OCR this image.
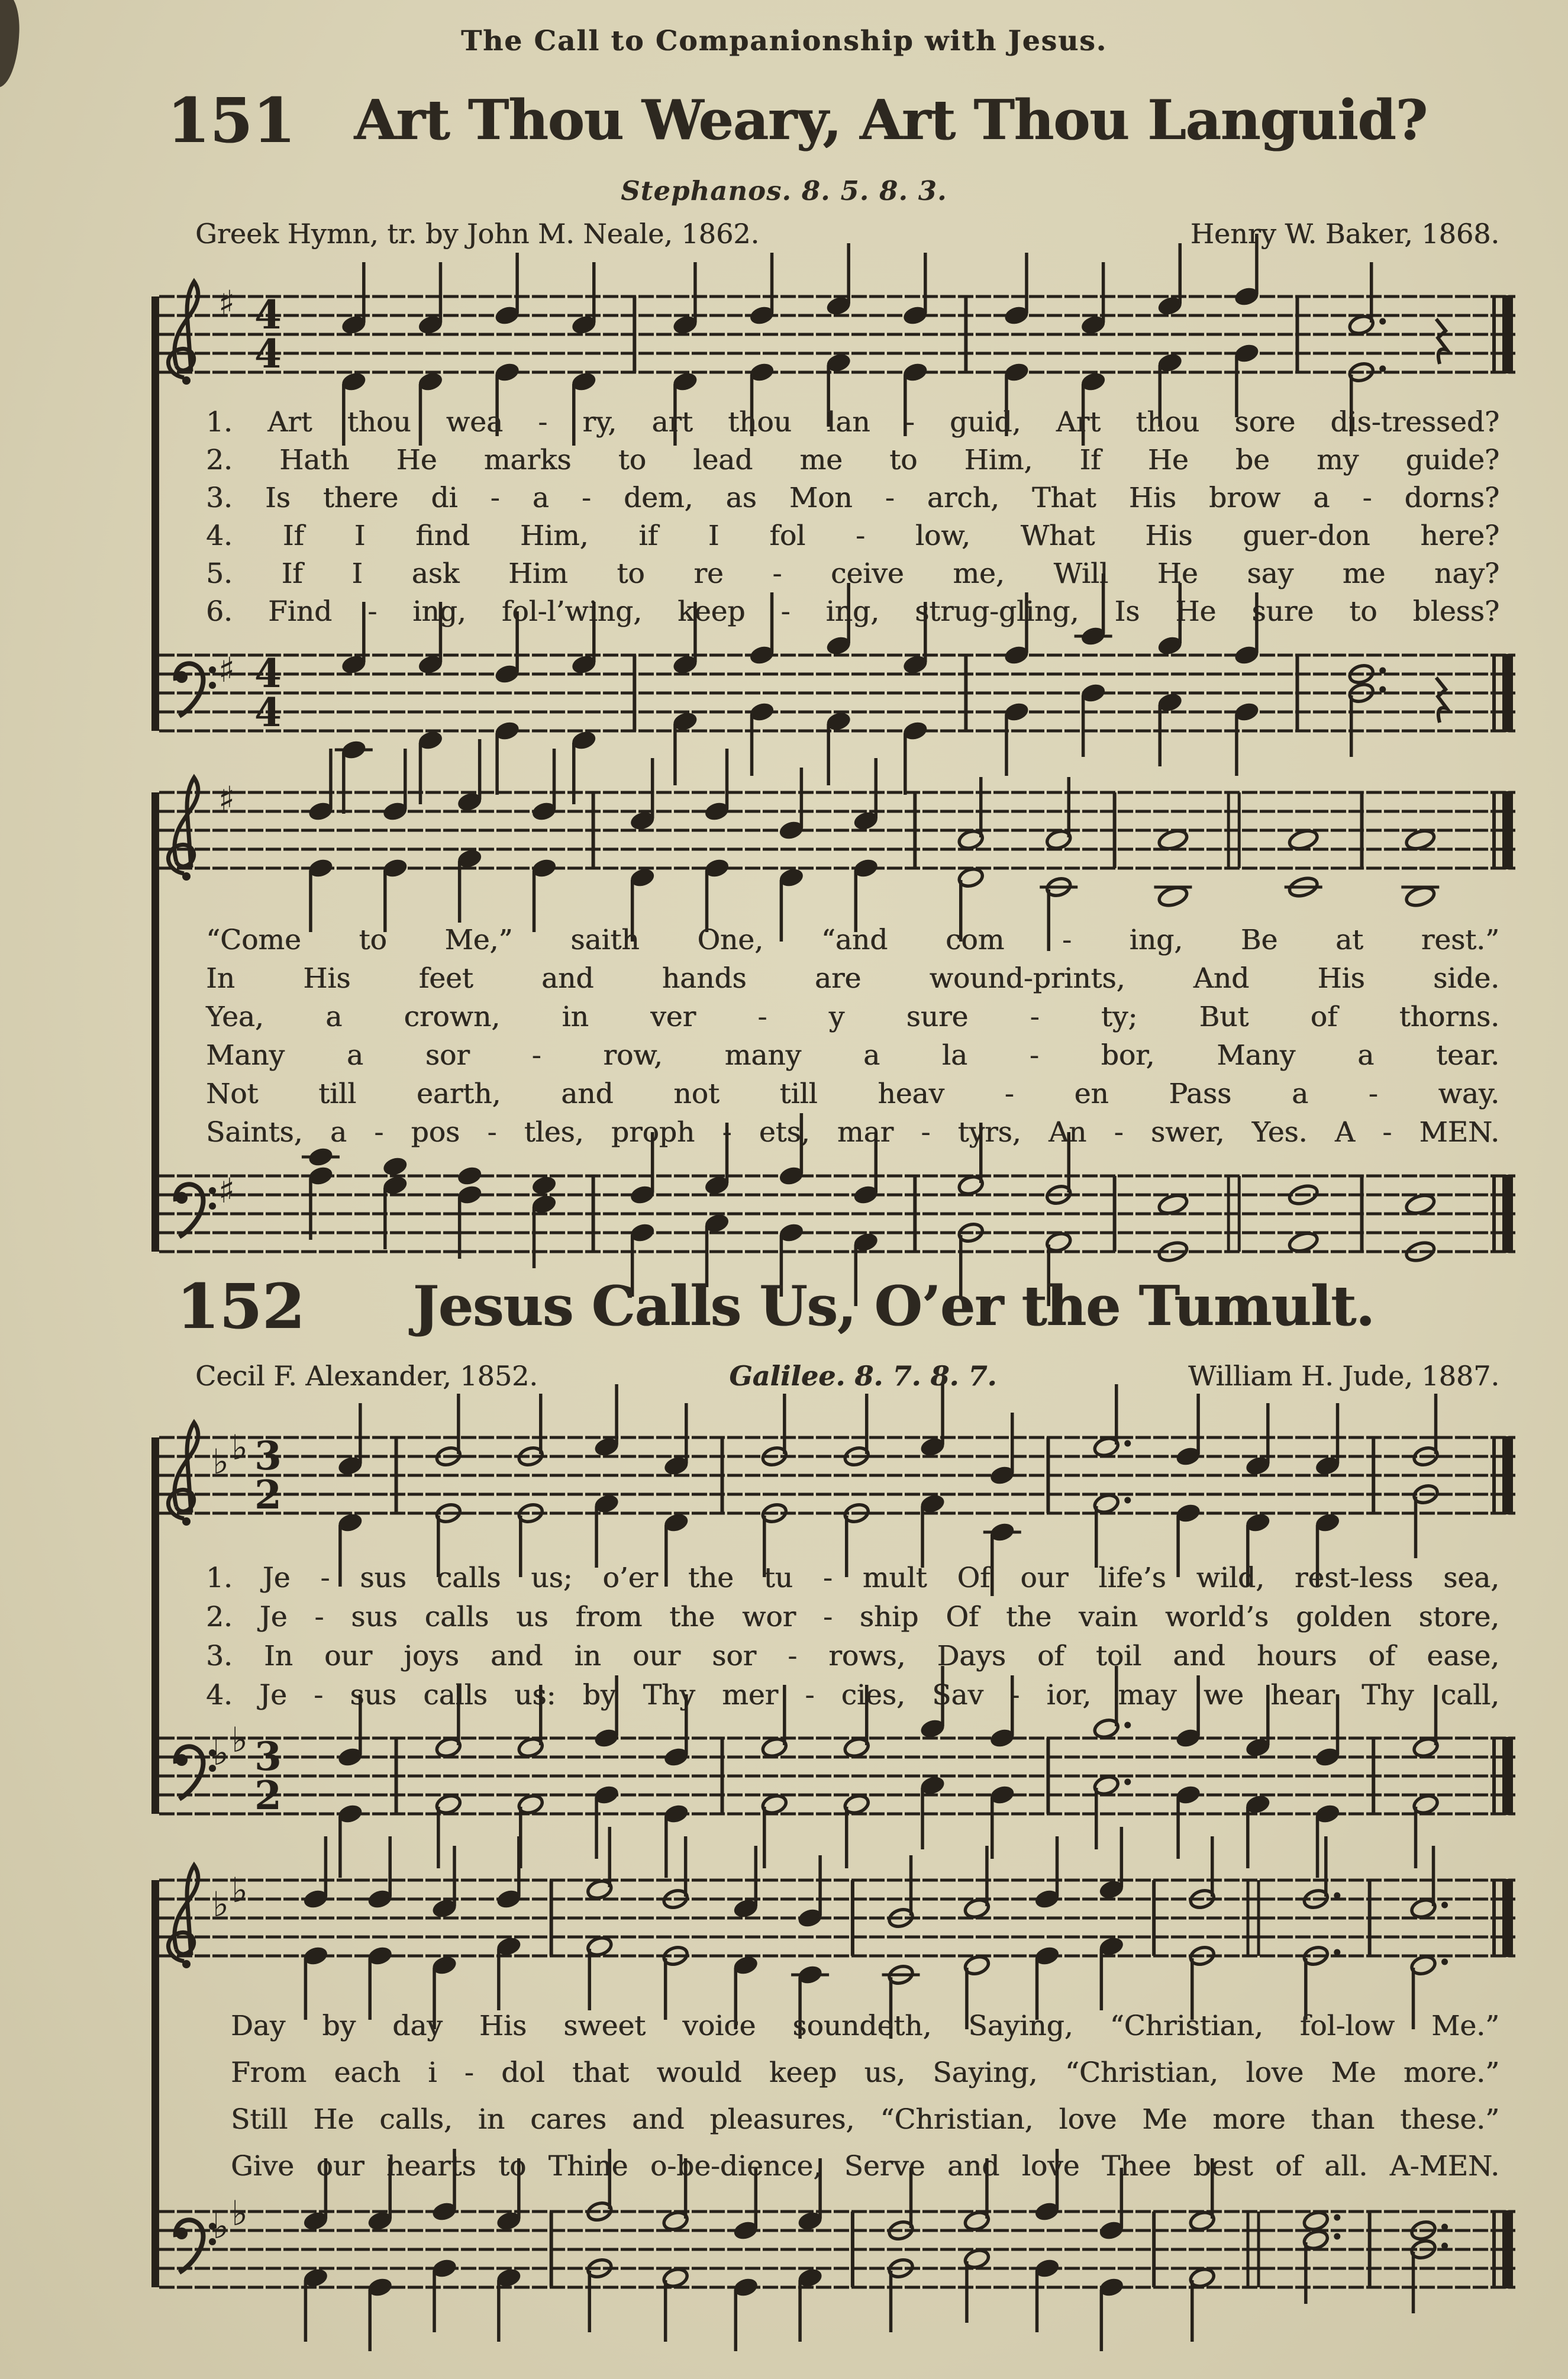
The Call to Companionship with Jesus.
151	Art Thou Weary, Art Thou Languid?
Stephanos. 8. 5. 8. 3.
Greek Hymn, tr. by John M. Neale, 1862.	Henry W. Baker, 1868.
♯ 4
4
1. Art thou wea - ry, art thou lan - guid, Art thou sore dis-tressed?
2. Hath He marks to lead me to Him, If He be my guide?
3. Is there di - a - dem, as Mon - arch, That His brow a - dorns?
4. If I find Him, if I fol - low, What His guer-don here?
5. If I ask Him to re - ceive me, Will He say me nay?
6. Find - ing, fol-l’wing, keep - ing, strug-gling, Is He sure to bless?
♯ 4
4
♯
“Come to Me,” saith One, “and com - ing, Be at rest.”
In His feet and hands are wound-prints, And His side.
Yea, a crown, in ver - y sure - ty; But of thorns.
Many a sor - row, many a la - bor, Many a tear.
Not till earth, and not till heav - en Pass a - way.
Saints, a - pos - tles, proph - ets, mar - tyrs, An - swer, Yes. A - MEN.
♯
152	Jesus Calls Us, O’er the Tumult.
Cecil F. Alexander, 1852.	Galilee. 8. 7. 8. 7.	William H. Jude, 1887.
♭ ♭ 3
2
1. Je - sus calls us; o’er the tu - mult Of our life’s wild, rest-less sea,
2. Je - sus calls us from the wor - ship Of the vain world’s golden store,
3. In our joys and in our sor - rows, Days of toil and hours of ease,
4. Je - sus calls us: by Thy mer - cies, Sav - ior, may we hear Thy call,
♭ ♭ 3
2
♭ ♭
Day by day His sweet voice soundeth, Saying, “Christian, fol-low Me.”
From each i - dol that would keep us, Saying, “Christian, love Me more.”
Still He calls, in cares and pleasures, “Christian, love Me more than these.”
Give our hearts to Thine o-be-dience, Serve and love Thee best of all. A-MEN.
♭ ♭
